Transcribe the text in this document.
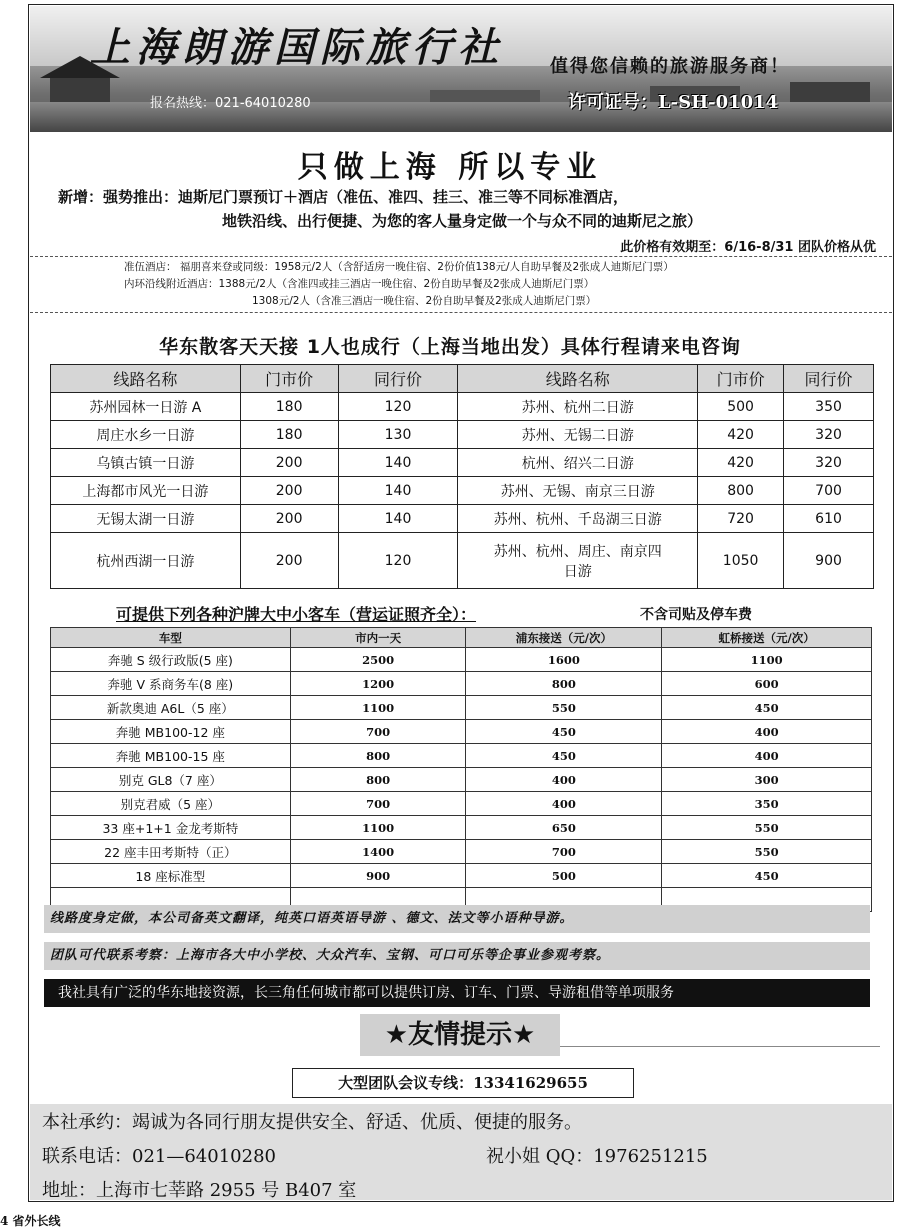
上海朗游国际旅行社	值得您信赖的旅游服务商！
报名热线：021-64010280	许可证号：L-SH-01014
只做上海 所以专业
新增：强势推出：迪斯尼门票预订＋酒店（准伍、准四、挂三、准三等不同标准酒店，
地铁沿线、出行便捷、为您的客人量身定做一个与众不同的迪斯尼之旅）
此价格有效期至：6/16-8/31 团队价格从优
准伍酒店： 福朋喜来登或同级：1958元/2人（含舒适房一晚住宿、2份价值138元/人自助早餐及2张成人迪斯尼门票）
内环沿线附近酒店：1388元/2人（含准四或挂三酒店一晚住宿、2份自助早餐及2张成人迪斯尼门票）
1308元/2人（含准三酒店一晚住宿、2份自助早餐及2张成人迪斯尼门票）
华东散客天天接 1人也成行（上海当地出发）具体行程请来电咨询
线路名称	门市价	同行价	线路名称	门市价	同行价
苏州园林一日游 A	180	120	苏州、杭州二日游	500	350
周庄水乡一日游	180	130	苏州、无锡二日游	420	320
乌镇古镇一日游	200	140	杭州、绍兴二日游	420	320
上海都市风光一日游	200	140	苏州、无锡、南京三日游	800	700
无锡太湖一日游	200	140	苏州、杭州、千岛湖三日游	720	610
杭州西湖一日游	200	120	苏州、杭州、周庄、南京四日游	1050	900
可提供下列各种沪牌大中小客车（营运证照齐全）：	不含司贴及停车费
车型	市内一天	浦东接送（元/次）	虹桥接送（元/次）
奔驰 S 级行政版(5 座)	2500	1600	1100
奔驰 V 系商务车(8 座)	1200	800	600
新款奥迪 A6L（5 座）	1100	550	450
奔驰 MB100-12 座	700	450	400
奔驰 MB100-15 座	800	450	400
别克 GL8（7 座）	800	400	300
别克君威（5 座）	700	400	350
33 座+1+1 金龙考斯特	1100	650	550
22 座丰田考斯特（正）	1400	700	550
18 座标准型	900	500	450

线路度身定做，本公司备英文翻译，纯英口语英语导游 、德文、法文等小语种导游。
团队可代联系考察：上海市各大中小学校、大众汽车、宝钢、可口可乐等企事业参观考察。
我社具有广泛的华东地接资源，长三角任何城市都可以提供订房、订车、门票、导游租借等单项服务
★友情提示★
大型团队会议专线：13341629655
本社承约：竭诚为各同行朋友提供安全、舒适、优质、便捷的服务。
联系电话：021—64010280	祝小姐 QQ：1976251215
地址：上海市七莘路 2955 号 B407 室
4 省外长线
